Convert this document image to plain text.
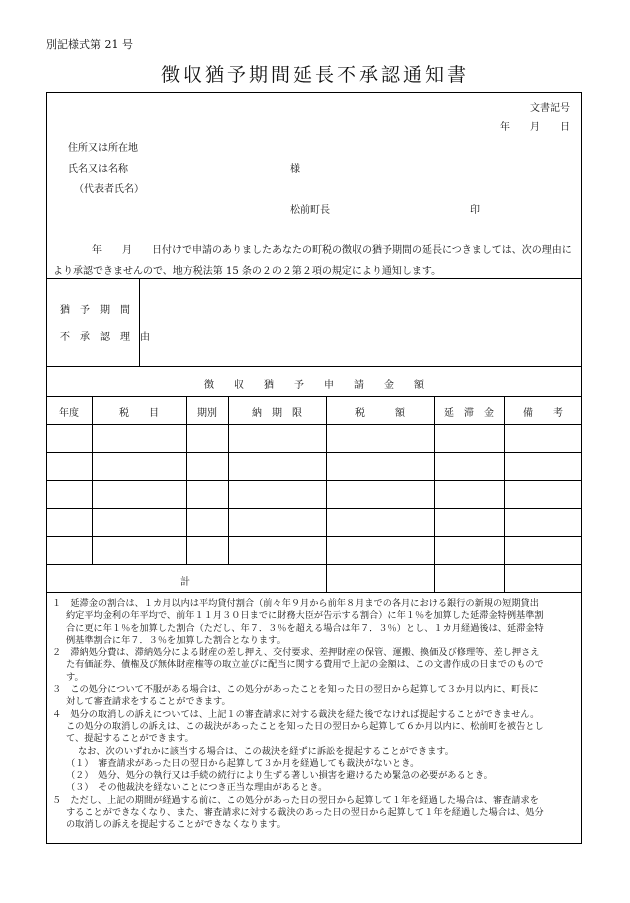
別記様式第 21 号
徴収猶予期間延長不承認通知書
文書記号
年　　月　　日
住所又は所在地
氏名又は名称	様
（代表者氏名）
松前町長	印
年　　月　　日付けで申請のありましたあなたの町税の徴収の猶予期間の延長につきましては、次の理由に
より承認できませんので、地方税法第 15 条の２の２第２項の規定により通知します。
猶　予　期　間
不　承　認　理　由
徴　　収　　猶　　予　　申　　請　　金　　額
年度	税　　目	期別	納　期　限	税　　　額	延　滞　金	備　　考
計

１　延滞金の割合は、１カ月以内は平均貸付割合（前々年９月から前年８月までの各月における銀行の新規の短期貸出

約定平均金利の年平均で、前年１１月３０日までに財務大臣が告示する割合）に年１％を加算した延滞金特例基準割

合に更に年１％を加算した割合（ただし、年７．３％を超える場合は年７．３％）とし、１カ月経過後は、延滞金特

例基準割合に年７．３％を加算した割合となります。

２　滞納処分費は、滞納処分による財産の差し押え、交付要求、差押財産の保管、運搬、換価及び修理等、差し押さえ

た有価証券、債権及び無体財産権等の取立並びに配当に関する費用で上記の金額は、この文書作成の日までのもので

す。

３　この処分について不服がある場合は、この処分があったことを知った日の翌日から起算して３か月以内に、町長に

対して審査請求をすることができます。

４　処分の取消しの訴えについては、上記１の審査請求に対する裁決を経た後でなければ提起することができません。

この処分の取消しの訴えは、この裁決があったことを知った日の翌日から起算して６か月以内に、松前町を被告とし

て、提起することができます。

なお、次のいずれかに該当する場合は、この裁決を経ずに訴訟を提起することができます。

（１）　審査請求があった日の翌日から起算して３か月を経過しても裁決がないとき。

（２）　処分、処分の執行又は手続の続行により生ずる著しい損害を避けるため緊急の必要があるとき。

（３）　その他裁決を経ないことにつき正当な理由があるとき。

５　ただし、上記の期間が経過する前に、この処分があった日の翌日から起算して１年を経過した場合は、審査請求を

することができなくなり、また、審査請求に対する裁決のあった日の翌日から起算して１年を経過した場合は、処分

の取消しの訴えを提起することができなくなります。
